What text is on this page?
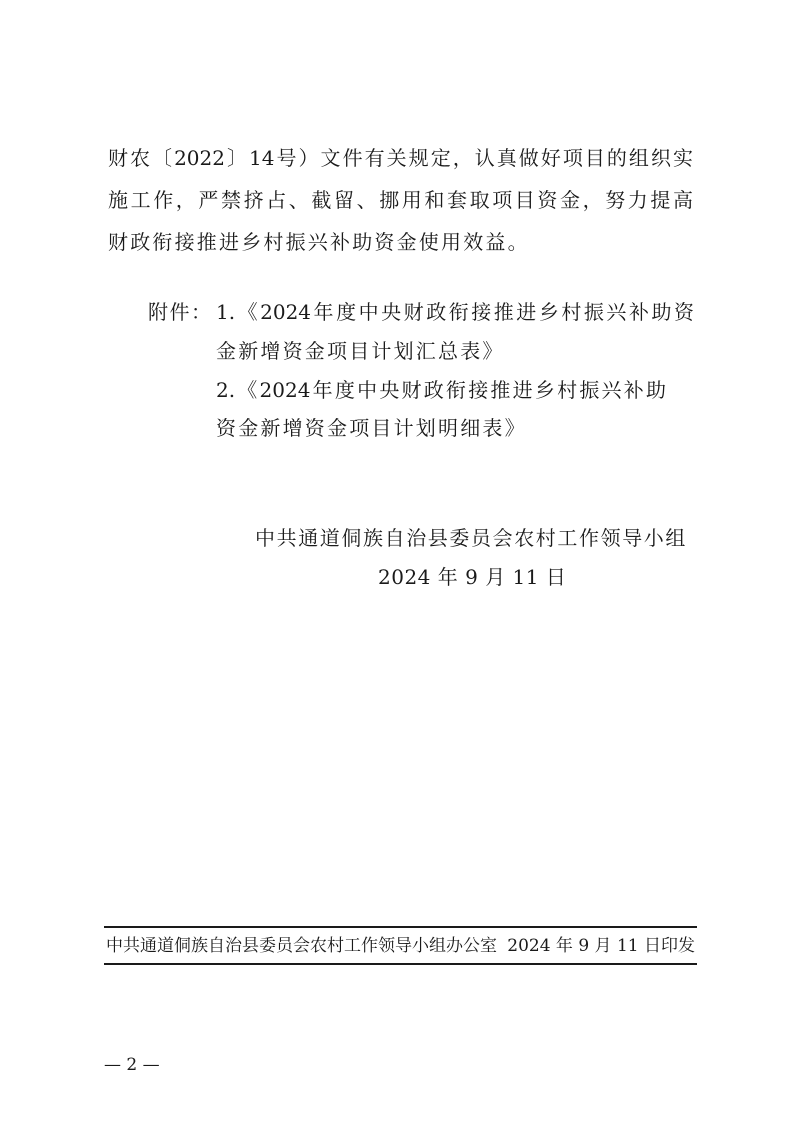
财农〔2022〕14号）文件有关规定，认真做好项目的组织实
施工作，严禁挤占、截留、挪用和套取项目资金，努力提高
财政衔接推进乡村振兴补助资金使用效益。
附件： 1.《2024年度中央财政衔接推进乡村振兴补助资
金新增资金项目计划汇总表》
2.《2024年度中央财政衔接推进乡村振兴补助
资金新增资金项目计划明细表》
中共通道侗族自治县委员会农村工作领导小组
2024 年 9 月 11 日
中共通道侗族自治县委员会农村工作领导小组办公室 2024 年 9 月 11 日印发
— 2 —
